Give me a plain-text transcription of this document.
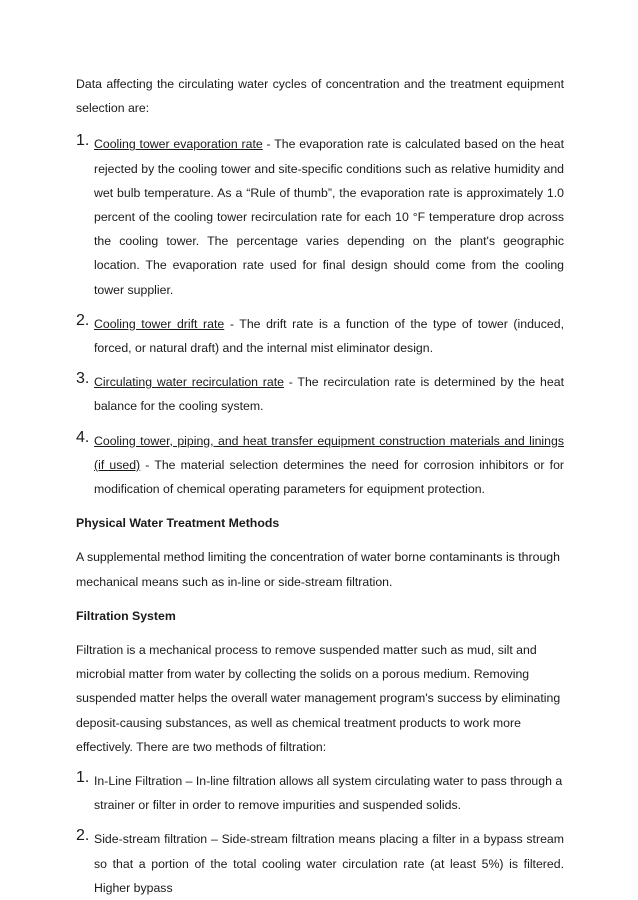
Data affecting the circulating water cycles of concentration and the treatment equipment selection are:

1. Cooling tower evaporation rate - The evaporation rate is calculated based on the heat rejected by the cooling tower and site-specific conditions such as relative humidity and wet bulb temperature. As a “Rule of thumb”, the evaporation rate is approximately 1.0 percent of the cooling tower recirculation rate for each 10 °F temperature drop across the cooling tower. The percentage varies depending on the plant's geographic location. The evaporation rate used for final design should come from the cooling tower supplier.

2. Cooling tower drift rate - The drift rate is a function of the type of tower (induced, forced, or natural draft) and the internal mist eliminator design.

3. Circulating water recirculation rate - The recirculation rate is determined by the heat balance for the cooling system.

4. Cooling tower, piping, and heat transfer equipment construction materials and linings (if used) - The material selection determines the need for corrosion inhibitors or for modification of chemical operating parameters for equipment protection.

Physical Water Treatment Methods

A supplemental method limiting the concentration of water borne contaminants is through mechanical means such as in-line or side-stream filtration.

Filtration System

Filtration is a mechanical process to remove suspended matter such as mud, silt and microbial matter from water by collecting the solids on a porous medium. Removing suspended matter helps the overall water management program's success by eliminating deposit-causing substances, as well as chemical treatment products to work more effectively. There are two methods of filtration:

1. In-Line Filtration – In-line filtration allows all system circulating water to pass through a strainer or filter in order to remove impurities and suspended solids.

2. Side-stream filtration – Side-stream filtration means placing a filter in a bypass stream so that a portion of the total cooling water circulation rate (at least 5%) is filtered. Higher bypass
